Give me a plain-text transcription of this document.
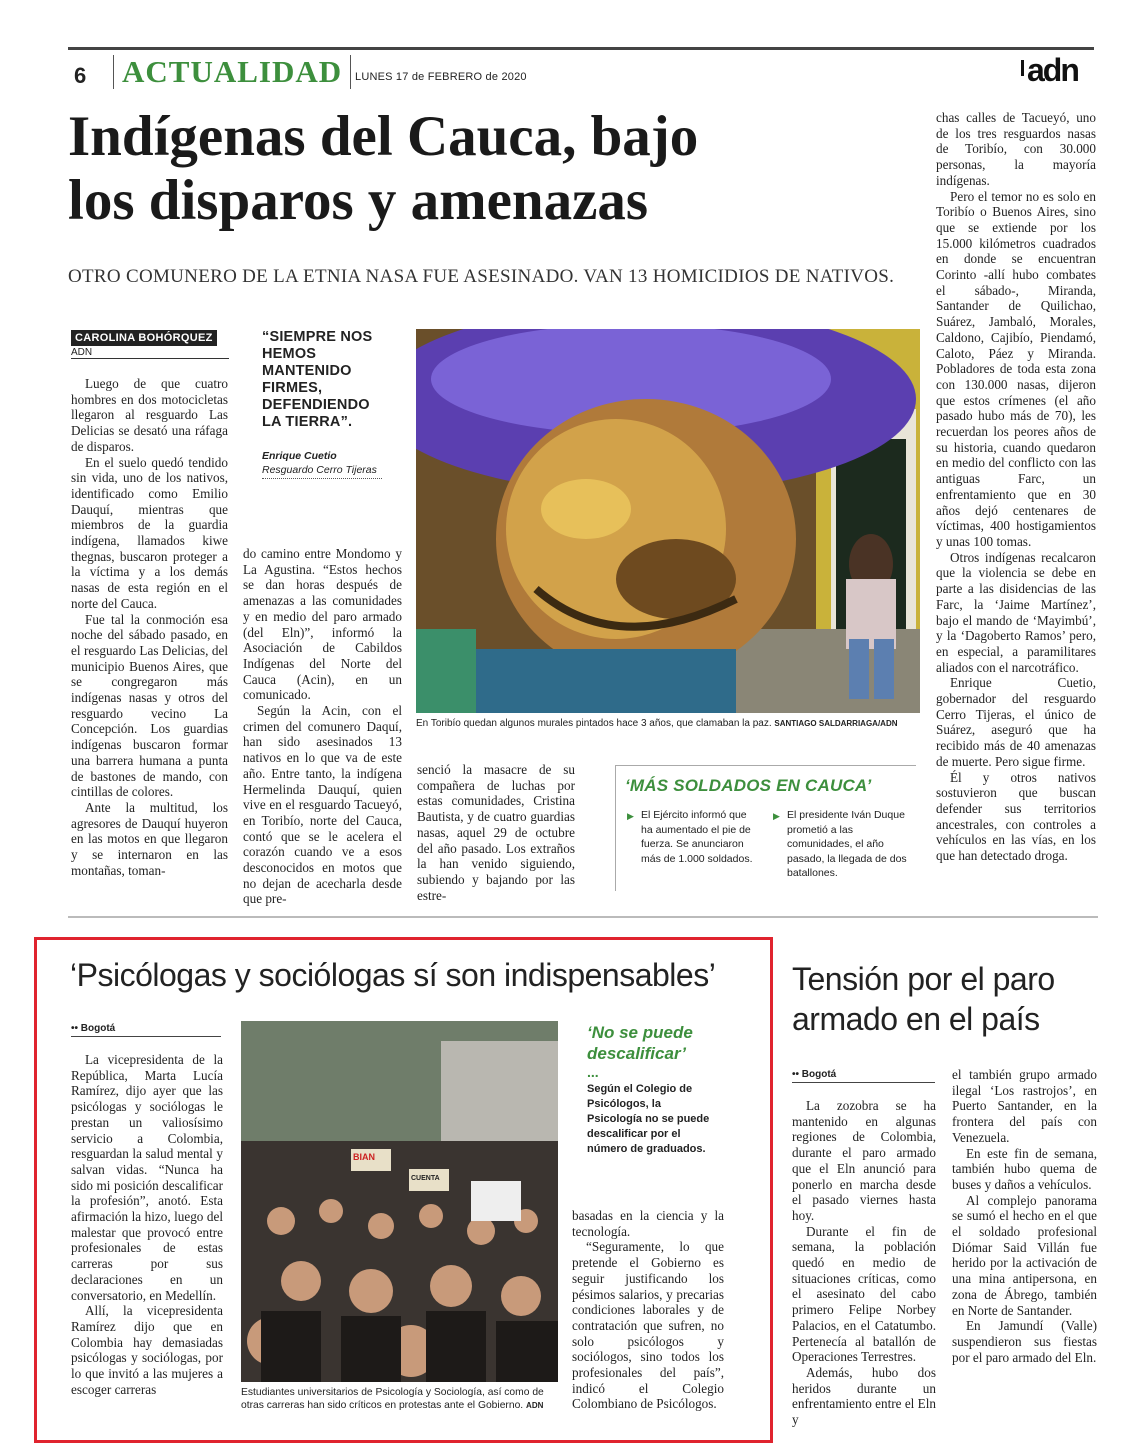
6 ACTUALIDAD LUNES 17 de FEBRERO de 2020	adn
Indígenas del Cauca, bajo
los disparos y amenazas
OTRO COMUNERO DE LA ETNIA NASA FUE ASESINADO. VAN 13 HOMICIDIOS DE NATIVOS.
CAROLINA BOHÓRQUEZ
ADN

Luego de que cuatro hombres en dos motocicletas llegaron al resguardo Las Delicias se desató una ráfaga de disparos.

En el suelo quedó tendido sin vida, uno de los nativos, identificado como Emilio Dauquí, mientras que miembros de la guardia indígena, llamados kiwe thegnas, buscaron proteger a la víctima y a los demás nasas de esta región en el norte del Cauca.

Fue tal la conmoción esa noche del sábado pasado, en el resguardo Las Delicias, del municipio Buenos Aires, que se congregaron más indígenas nasas y otros del resguardo vecino La Concepción. Los guardias indígenas buscaron formar una barrera humana a punta de bastones de mando, con cintillas de colores.

Ante la multitud, los agresores de Dauquí huyeron en las motos en que llegaron y se internaron en las montañas, toman-

“SIEMPRE NOS HEMOS MANTENIDO FIRMES, DEFENDIENDO LA TIERRA”.
Enrique Cuetio
Resguardo Cerro Tijeras

do camino entre Mondomo y La Agustina. “Estos hechos se dan horas después de amenazas a las comunidades y en medio del paro armado (del Eln)”, informó la Asociación de Cabildos Indígenas del Norte del Cauca (Acin), en un comunicado.

Según la Acin, con el crimen del comunero Daquí, han sido asesinados 13 nativos en lo que va de este año. Entre tanto, la indígena Hermelinda Dauquí, quien vive en el resguardo Tacueyó, en Toribío, norte del Cauca, contó que se le acelera el corazón cuando ve a esos desconocidos en motos que no dejan de acecharla desde que pre-

senció la masacre de su compañera de luchas por estas comunidades, Cristina Bautista, y de cuatro guardias nasas, aquel 29 de octubre del año pasado. Los extraños la han venido siguiendo, subiendo y bajando por las estre-

chas calles de Tacueyó, uno de los tres resguardos nasas de Toribío, con 30.000 personas, la mayoría indígenas.

Pero el temor no es solo en Toribío o Buenos Aires, sino que se extiende por los 15.000 kilómetros cuadrados en donde se encuentran Corinto -allí hubo combates el sábado-, Miranda, Santander de Quilichao, Suárez, Jambaló, Morales, Caldono, Cajibío, Piendamó, Caloto, Páez y Miranda. Pobladores de toda esta zona con 130.000 nasas, dijeron que estos crímenes (el año pasado hubo más de 70), les recuerdan los peores años de su historia, cuando quedaron en medio del conflicto con las antiguas Farc, un enfrentamiento que en 30 años dejó centenares de víctimas, 400 hostigamientos y unas 100 tomas.

Otros indígenas recalcaron que la violencia se debe en parte a las disidencias de las Farc, la ‘Jaime Martínez’, bajo el mando de ‘Mayimbú’, y la ‘Dagoberto Ramos’ pero, en especial, a paramilitares aliados con el narcotráfico.

Enrique Cuetio, gobernador del resguardo Cerro Tijeras, el único de Suárez, aseguró que ha recibido más de 40 amenazas de muerte. Pero sigue firme.

Él y otros nativos sostuvieron que buscan defender sus territorios ancestrales, con controles a vehículos en las vías, en los que han detectado droga.

En Toribío quedan algunos murales pintados hace 3 años, que clamaban la paz. SANTIAGO SALDARRIAGA/ADN
‘MÁS SOLDADOS EN CAUCA’
▶ El Ejército informó que ha aumentado el pie de fuerza. Se anunciaron más de 1.000 soldados.
▶ El presidente Iván Duque prometió a las comunidades, el año pasado, la llegada de dos batallones.
‘Psicólogas y sociólogas sí son indispensables’
•• Bogotá

La vicepresidenta de la República, Marta Lucía Ramírez, dijo ayer que las psicólogas y sociólogas le prestan un valiosísimo servicio a Colombia, resguardan la salud mental y salvan vidas. “Nunca ha sido mi posición descalificar la profesión”, anotó. Esta afirmación la hizo, luego del malestar que provocó entre profesionales de estas carreras por sus declaraciones en un conversatorio, en Medellín.

Allí, la vicepresidenta Ramírez dijo que en Colombia hay demasiadas psicólogas y sociólogas, por lo que invitó a las mujeres a escoger carreras

BIAN
CUENTA
Estudiantes universitarios de Psicología y Sociología, así como de otras carreras han sido críticos en protestas ante el Gobierno. ADN
‘No se puede descalificar’
...
Según el Colegio de Psicólogos, la Psicología no se puede descalificar por el número de graduados.

basadas en la ciencia y la tecnología.

“Seguramente, lo que pretende el Gobierno es seguir justificando los pésimos salarios, y precarias condiciones laborales y de contratación que sufren, no solo psicólogos y sociólogos, sino todos los profesionales del país”, indicó el Colegio Colombiano de Psicólogos.

Tensión por el paro armado en el país
•• Bogotá

La zozobra se ha mantenido en algunas regiones de Colombia, durante el paro armado que el Eln anunció para ponerlo en marcha desde el pasado viernes hasta hoy.

Durante el fin de semana, la población quedó en medio de situaciones críticas, como el asesinato del cabo primero Felipe Norbey Palacios, en el Catatumbo. Pertenecía al batallón de Operaciones Terrestres.

Además, hubo dos heridos durante un enfrentamiento entre el Eln y

el también grupo armado ilegal ‘Los rastrojos’, en Puerto Santander, en la frontera del país con Venezuela.

En este fin de semana, también hubo quema de buses y daños a vehículos.

Al complejo panorama se sumó el hecho en el que el soldado profesional Diómar Said Villán fue herido por la activación de una mina antipersona, en zona de Ábrego, también en Norte de Santander.

En Jamundí (Valle) suspendieron sus fiestas por el paro armado del Eln.
